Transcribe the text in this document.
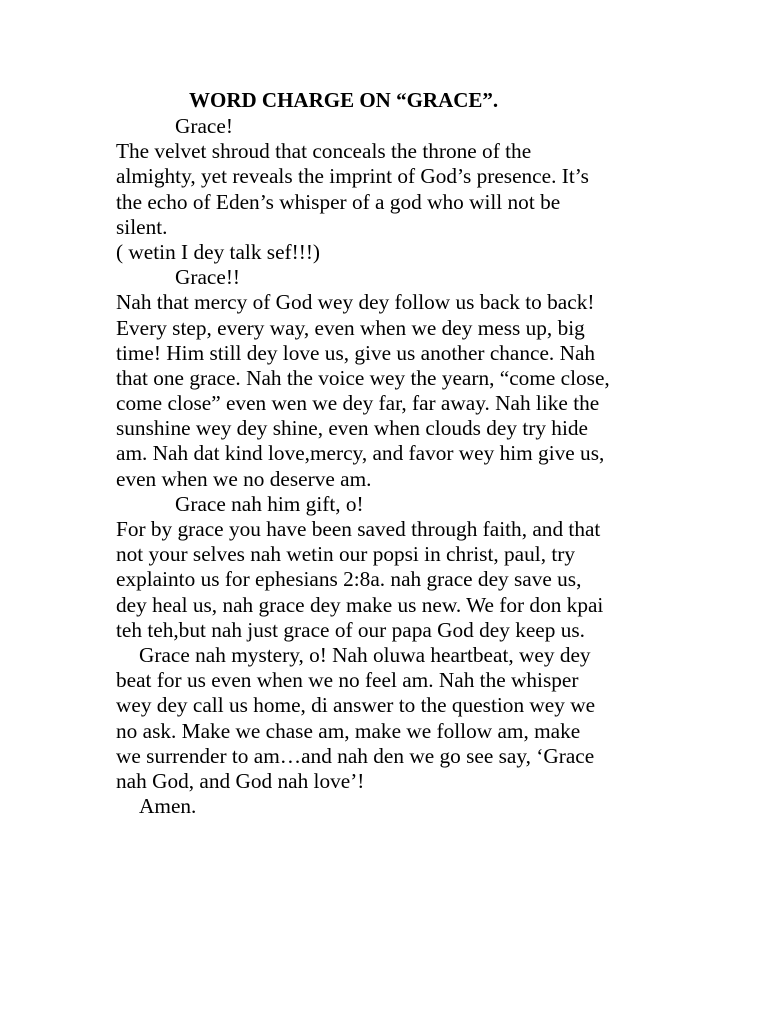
WORD CHARGE ON “GRACE”.
Grace!
The velvet shroud that conceals the throne of the
almighty, yet reveals the imprint of God’s presence. It’s
the echo of Eden’s whisper of a god who will not be
silent.
( wetin I dey talk sef!!!)
Grace!!
Nah that mercy of God wey dey follow us back to back!
Every step, every way, even when we dey mess up, big
time! Him still dey love us, give us another chance. Nah
that one grace. Nah the voice wey the yearn, “come close,
come close” even wen we dey far, far away. Nah like the
sunshine wey dey shine, even when clouds dey try hide
am. Nah dat kind love,mercy, and favor wey him give us,
even when we no deserve am.
Grace nah him gift, o!
For by grace you have been saved through faith, and that
not your selves nah wetin our popsi in christ, paul, try
explainto us for ephesians 2:8a. nah grace dey save us,
dey heal us, nah grace dey make us new. We for don kpai
teh teh,but nah just grace of our papa God dey keep us.
Grace nah mystery, o! Nah oluwa heartbeat, wey dey
beat for us even when we no feel am. Nah the whisper
wey dey call us home, di answer to the question wey we
no ask. Make we chase am, make we follow am, make
we surrender to am…and nah den we go see say, ‘Grace
nah God, and God nah love’!
Amen.
